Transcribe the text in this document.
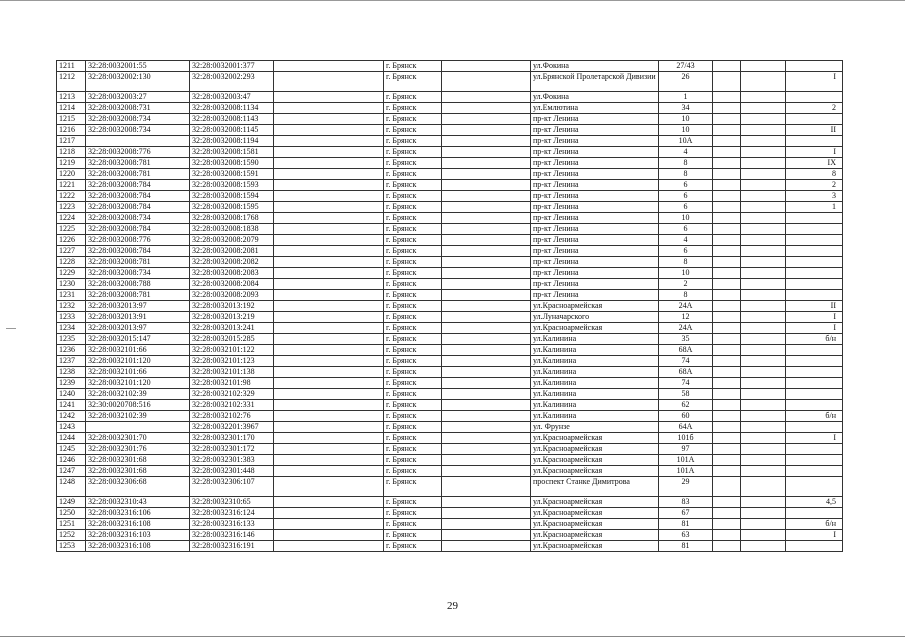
1211	32:28:0032001:55	32:28:0032001:377		г. Брянск		ул.Фокина	27/43			
1212	32:28:0032002:130	32:28:0032002:293		г. Брянск		ул.Брянской Пролетарской Дивизии	26			I
1213	32:28:0032003:27	32:28:0032003:47		г. Брянск		ул.Фокина	1			
1214	32:28:0032008:731	32:28:0032008:1134		г. Брянск		ул.Емлютина	34			2
1215	32:28:0032008:734	32:28:0032008:1143		г. Брянск		пр-кт Ленина	10			
1216	32:28:0032008:734	32:28:0032008:1145		г. Брянск		пр-кт Ленина	10			II
1217		32:28:0032008:1194		г. Брянск		пр-кт Ленина	10А			
1218	32:28:0032008:776	32:28:0032008:1581		г. Брянск		пр-кт Ленина	4			I
1219	32:28:0032008:781	32:28:0032008:1590		г. Брянск		пр-кт Ленина	8			IX
1220	32:28:0032008:781	32:28:0032008:1591		г. Брянск		пр-кт Ленина	8			8
1221	32:28:0032008:784	32:28:0032008:1593		г. Брянск		пр-кт Ленина	6			2
1222	32:28:0032008:784	32:28:0032008:1594		г. Брянск		пр-кт Ленина	6			3
1223	32:28:0032008:784	32:28:0032008:1595		г. Брянск		пр-кт Ленина	6			1
1224	32:28:0032008:734	32:28:0032008:1768		г. Брянск		пр-кт Ленина	10			
1225	32:28:0032008:784	32:28:0032008:1838		г. Брянск		пр-кт Ленина	6			
1226	32:28:0032008:776	32:28:0032008:2079		г. Брянск		пр-кт Ленина	4			
1227	32:28:0032008:784	32:28:0032008:2081		г. Брянск		пр-кт Ленина	6			
1228	32:28:0032008:781	32:28:0032008:2082		г. Брянск		пр-кт Ленина	8			
1229	32:28:0032008:734	32:28:0032008:2083		г. Брянск		пр-кт Ленина	10			
1230	32:28:0032008:788	32:28:0032008:2084		г. Брянск		пр-кт Ленина	2			
1231	32:28:0032008:781	32:28:0032008:2093		г. Брянск		пр-кт Ленина	8			
1232	32:28:0032013:97	32:28:0032013:192		г. Брянск		ул.Красноармейская	24А			II
1233	32:28:0032013:91	32:28:0032013:219		г. Брянск		ул.Луначарского	12			I
1234	32:28:0032013:97	32:28:0032013:241		г. Брянск		ул.Красноармейская	24А			I
1235	32:28:0032015:147	32:28:0032015:285		г. Брянск		ул.Калинина	35			б/н
1236	32:28:0032101:66	32:28:0032101:122		г. Брянск		ул.Калинина	68А			
1237	32:28:0032101:120	32:28:0032101:123		г. Брянск		ул.Калинина	74			
1238	32:28:0032101:66	32:28:0032101:138		г. Брянск		ул.Калинина	68А			
1239	32:28:0032101:120	32:28:0032101:98		г. Брянск		ул.Калинина	74			
1240	32:28:0032102:39	32:28:0032102:329		г. Брянск		ул.Калинина	58			
1241	32:30:0020708:516	32:28:0032102:331		г. Брянск		ул.Калинина	62			
1242	32:28:0032102:39	32:28:0032102:76		г. Брянск		ул.Калинина	60			б/н
1243		32:28:0032201:3967		г. Брянск		ул. Фрунзе	64А			
1244	32:28:0032301:70	32:28:0032301:170		г. Брянск		ул.Красноармейская	101б			I
1245	32:28:0032301:76	32:28:0032301:172		г. Брянск		ул.Красноармейская	97			
1246	32:28:0032301:68	32:28:0032301:383		г. Брянск		ул.Красноармейская	101А			
1247	32:28:0032301:68	32:28:0032301:448		г. Брянск		ул.Красноармейская	101А			
1248	32:28:0032306:68	32:28:0032306:107		г. Брянск		проспект Станке Димитрова	29			
1249	32:28:0032310:43	32:28:0032310:65		г. Брянск		ул.Красноармейская	83			4,5
1250	32:28:0032316:106	32:28:0032316:124		г. Брянск		ул.Красноармейская	67			
1251	32:28:0032316:108	32:28:0032316:133		г. Брянск		ул.Красноармейская	81			б/н
1252	32:28:0032316:103	32:28:0032316:146		г. Брянск		ул.Красноармейская	63			I
1253	32:28:0032316:108	32:28:0032316:191		г. Брянск		ул.Красноармейская	81			
29
